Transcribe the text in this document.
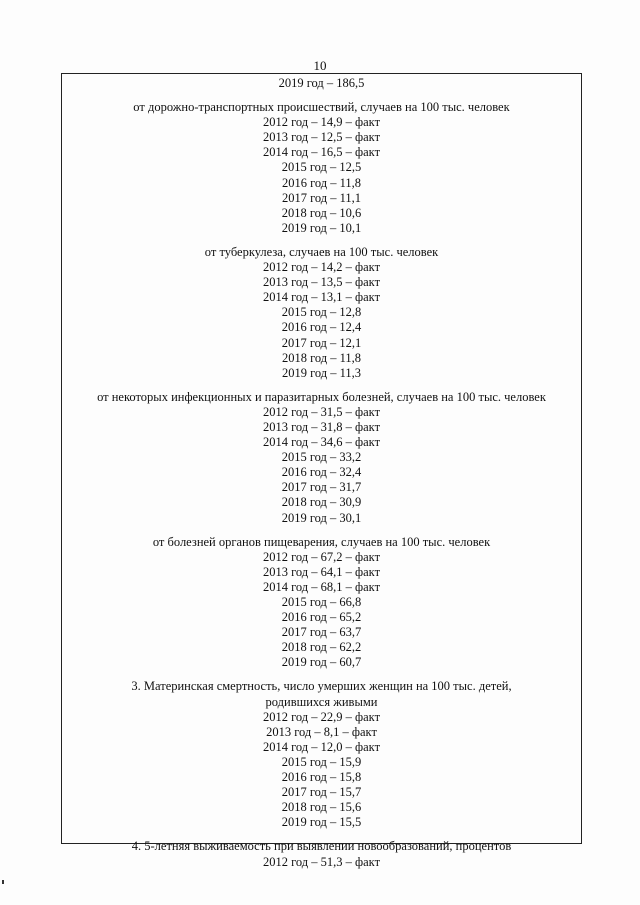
10
2019 год – 186,5
от дорожно-транспортных происшествий, случаев на 100 тыс. человек
2012 год – 14,9 – факт
2013 год – 12,5 – факт
2014 год – 16,5 – факт
2015 год – 12,5
2016 год – 11,8
2017 год – 11,1
2018 год – 10,6
2019 год – 10,1
от туберкулеза, случаев на 100 тыс. человек
2012 год – 14,2 – факт
2013 год – 13,5 – факт
2014 год – 13,1 – факт
2015 год – 12,8
2016 год – 12,4
2017 год – 12,1
2018 год – 11,8
2019 год – 11,3
от некоторых инфекционных и паразитарных болезней, случаев на 100 тыс. человек
2012 год – 31,5 – факт
2013 год – 31,8 – факт
2014 год – 34,6 – факт
2015 год – 33,2
2016 год – 32,4
2017 год – 31,7
2018 год – 30,9
2019 год – 30,1
от болезней органов пищеварения, случаев на 100 тыс. человек
2012 год – 67,2 – факт
2013 год – 64,1 – факт
2014 год – 68,1 – факт
2015 год – 66,8
2016 год – 65,2
2017 год – 63,7
2018 год – 62,2
2019 год – 60,7
3. Материнская смертность, число умерших женщин на 100 тыс. детей,
родившихся живыми
2012 год – 22,9 – факт
2013 год – 8,1 – факт
2014 год – 12,0 – факт
2015 год – 15,9
2016 год – 15,8
2017 год – 15,7
2018 год – 15,6
2019 год – 15,5
4. 5-летняя выживаемость при выявлении новообразований, процентов
2012 год – 51,3 – факт
